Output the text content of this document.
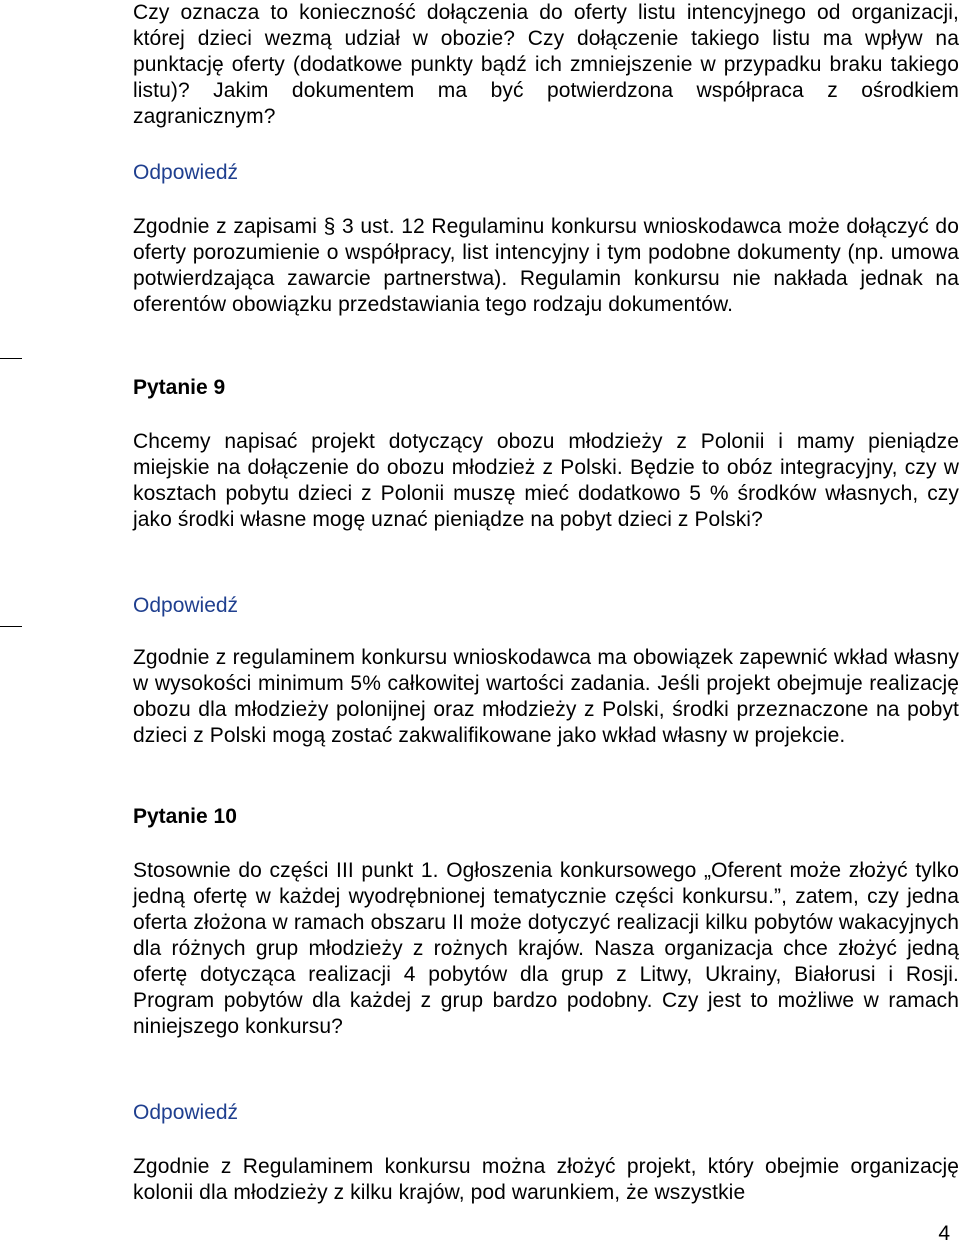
Czy oznacza to konieczność dołączenia do oferty listu intencyjnego od organizacji, której dzieci wezmą udział w obozie? Czy dołączenie takiego listu ma wpływ na punktację oferty (dodatkowe punkty bądź ich zmniejszenie w przypadku braku takiego listu)? Jakim dokumentem ma być potwierdzona współpraca z ośrodkiem zagranicznym?

Odpowiedź

Zgodnie z zapisami § 3 ust. 12 Regulaminu konkursu wnioskodawca może dołączyć do oferty porozumienie o współpracy, list intencyjny i tym podobne dokumenty (np. umowa potwierdzająca zawarcie partnerstwa). Regulamin konkursu nie nakłada jednak na oferentów obowiązku przedstawiania tego rodzaju dokumentów.

Pytanie 9

Chcemy napisać projekt dotyczący obozu młodzieży z Polonii i mamy pieniądze miejskie na dołączenie do obozu młodzież z Polski. Będzie to obóz integracyjny, czy w kosztach pobytu dzieci z Polonii muszę mieć dodatkowo 5 % środków własnych, czy jako środki własne mogę uznać pieniądze na pobyt dzieci z Polski?

Odpowiedź

Zgodnie z regulaminem konkursu wnioskodawca ma obowiązek zapewnić wkład własny w wysokości minimum 5% całkowitej wartości zadania. Jeśli projekt obejmuje realizację obozu dla młodzieży polonijnej oraz młodzieży z Polski, środki przeznaczone na pobyt dzieci z Polski mogą zostać zakwalifikowane jako wkład własny w projekcie.

Pytanie 10

Stosownie do części III punkt 1. Ogłoszenia konkursowego „Oferent może złożyć tylko jedną ofertę w każdej wyodrębnionej tematycznie części konkursu.”, zatem, czy jedna oferta złożona w ramach obszaru II może dotyczyć realizacji kilku pobytów wakacyjnych dla różnych grup młodzieży z rożnych krajów. Nasza organizacja chce złożyć jedną ofertę dotycząca realizacji 4 pobytów dla grup z Litwy, Ukrainy, Białorusi i Rosji. Program pobytów dla każdej z grup bardzo podobny. Czy jest to możliwe w ramach niniejszego konkursu?

Odpowiedź

Zgodnie z Regulaminem konkursu można złożyć projekt, który obejmie organizację kolonii dla młodzieży z kilku krajów, pod warunkiem, że wszystkie

4
